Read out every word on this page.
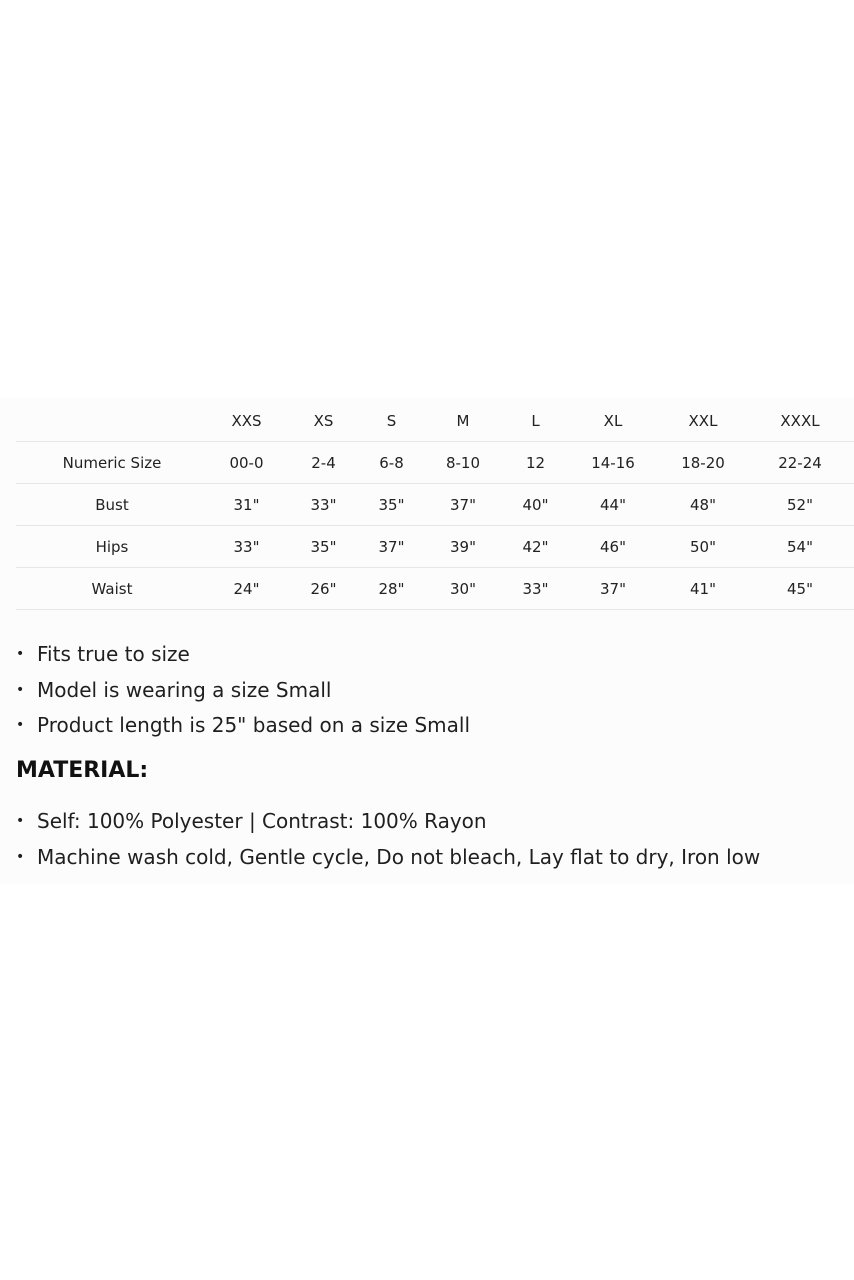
	XXS	XS	S	M	L	XL	XXL	XXXL
Numeric Size	00-0	2-4	6-8	8-10	12	14-16	18-20	22-24
Bust	31"	33"	35"	37"	40"	44"	48"	52"
Hips	33"	35"	37"	39"	42"	46"	50"	54"
Waist	24"	26"	28"	30"	33"	37"	41"	45"
• Fits true to size
• Model is wearing a size Small
• Product length is 25" based on a size Small
MATERIAL:
• Self: 100% Polyester | Contrast: 100% Rayon
• Machine wash cold, Gentle cycle, Do not bleach, Lay flat to dry, Iron low
